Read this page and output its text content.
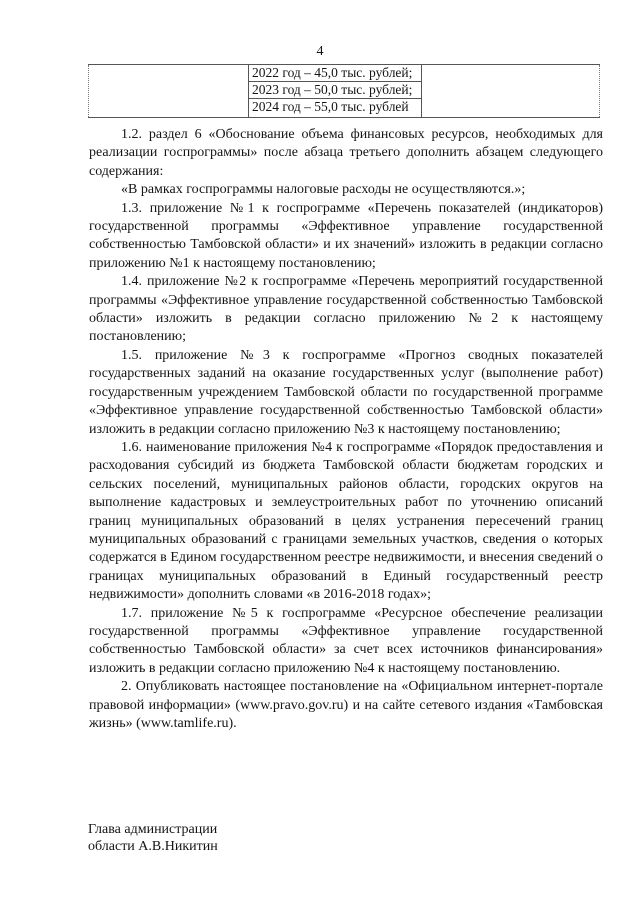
4

2022 год – 45,0 тыс. рублей;
2023 год – 50,0 тыс. рублей;
2024 год – 55,0 тыс. рублей

1.2. раздел 6 «Обоснование объема финансовых ресурсов, необходимых для реализации госпрограммы» после абзаца третьего дополнить абзацем следующего содержания:

«В рамках госпрограммы налоговые расходы не осуществляются.»;

1.3. приложение №1 к госпрограмме «Перечень показателей (индикаторов) государственной программы «Эффективное управление государственной собственностью Тамбовской области» и их значений» изложить в редакции согласно приложению №1 к настоящему постановлению;

1.4. приложение №2 к госпрограмме «Перечень мероприятий государственной программы «Эффективное управление государственной собственностью Тамбовской области» изложить в редакции согласно приложению №2 к настоящему постановлению;

1.5. приложение №3 к госпрограмме «Прогноз сводных показателей государственных заданий на оказание государственных услуг (выполнение работ) государственным учреждением Тамбовской области по государственной программе «Эффективное управление государственной собственностью Тамбовской области» изложить в редакции согласно приложению №3 к настоящему постановлению;

1.6. наименование приложения №4 к госпрограмме «Порядок предоставления и расходования субсидий из бюджета Тамбовской области бюджетам городских и сельских поселений, муниципальных районов области, городских округов на выполнение кадастровых и землеустроительных работ по уточнению описаний границ муниципальных образований в целях устранения пересечений границ муниципальных образований с границами земельных участков, сведения о которых содержатся в Едином государственном реестре недвижимости, и внесения сведений о границах муниципальных образований в Единый государственный реестр недвижимости» дополнить словами «в 2016-2018 годах»;

1.7. приложение №5 к госпрограмме «Ресурсное обеспечение реализации государственной программы «Эффективное управление государственной собственностью Тамбовской области» за счет всех источников финансирования» изложить в редакции согласно приложению №4 к настоящему постановлению.

2. Опубликовать настоящее постановление на «Официальном интернет-портале правовой информации» (www.pravo.gov.ru) и на сайте сетевого издания «Тамбовская жизнь» (www.tamlife.ru).

Глава администрации
области А.В.Никитин
